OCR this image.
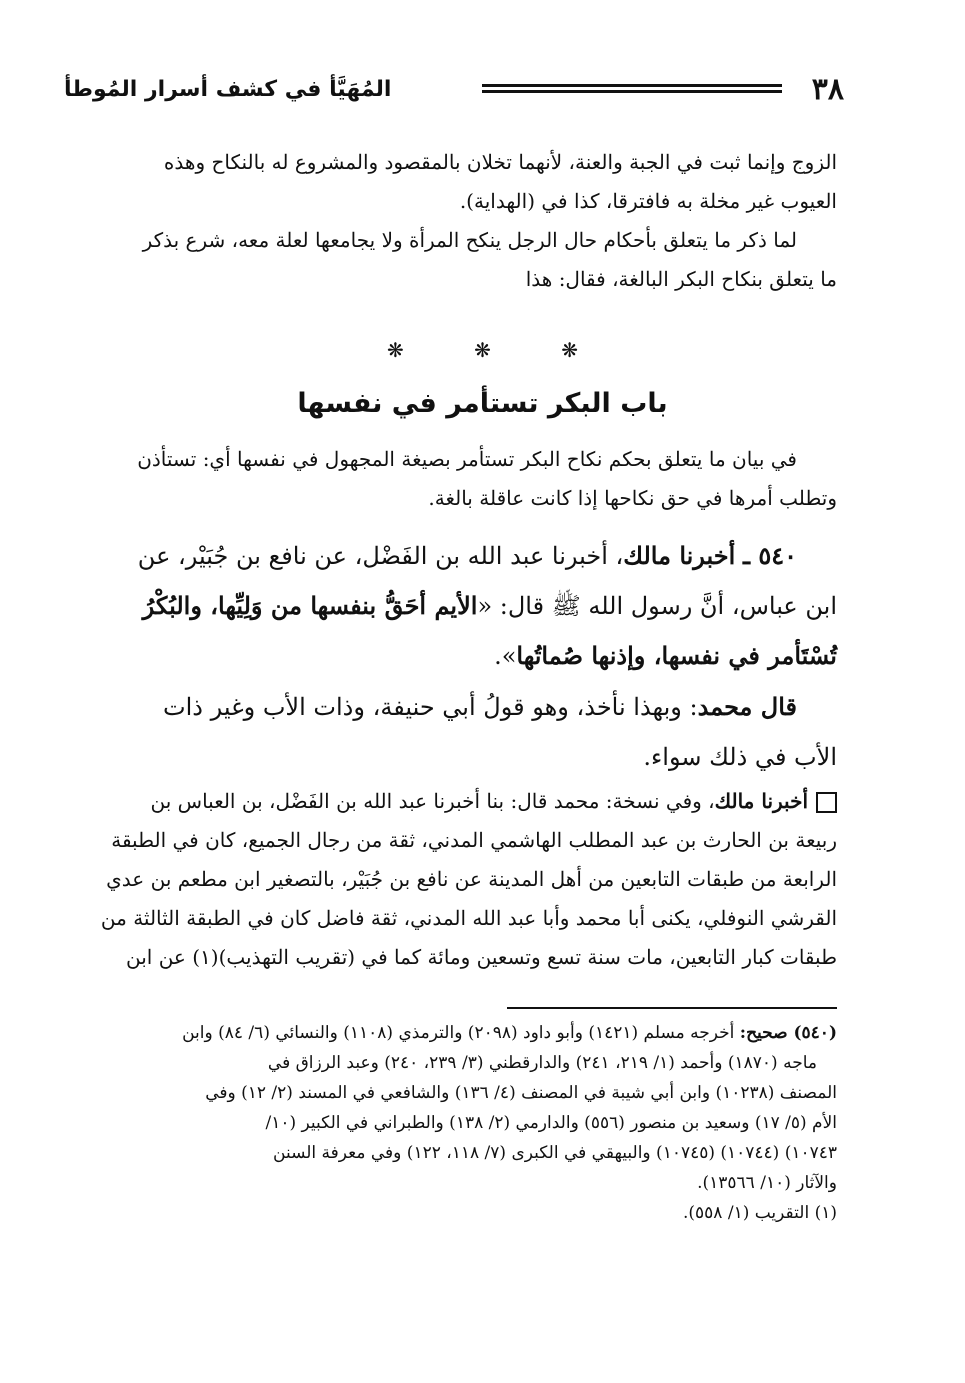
٣٨
المُهَيَّأ في كشف أسرار المُوطأ

الزوج وإنما ثبت في الجبة والعنة، لأنهما تخلان بالمقصود والمشروع له بالنكاح وهذه

العيوب غير مخلة به فافترقا، كذا في (الهداية).

لما ذكر ما يتعلق بأحكام حال الرجل ينكح المرأة ولا يجامعها لعلة معه، شرع بذكر

ما يتعلق بنكاح البكر البالغة، فقال: هذا

❋ ❋ ❋
باب البكر تستأمر في نفسها

في بيان ما يتعلق بحكم نكاح البكر تستأمر بصيغة المجهول في نفسها أي: تستأذن

وتطلب أمرها في حق نكاحها إذا كانت عاقلة بالغة.

٥٤٠ ـ أخبرنا مالك، أخبرنا عبد الله بن الفَضْل، عن نافع بن جُبَيْر، عن

ابن عباس، أنَّ رسول الله ﷺ قال: «الأيم أحَقُّ بنفسها من وَلِيِّها، والبُكْرُ

تُسْتَأمر في نفسها، وإذنها صُماتُها».

قال محمد: وبهذا نأخذ، وهو قولُ أبي حنيفة، وذات الأب وغير ذات

الأب في ذلك سواء.

أخبرنا مالك، وفي نسخة: محمد قال: بنا أخبرنا عبد الله بن الفَضْل، بن العباس بن

ربيعة بن الحارث بن عبد المطلب الهاشمي المدني، ثقة من رجال الجميع، كان في الطبقة

الرابعة من طبقات التابعين من أهل المدينة عن نافع بن جُبَيْر، بالتصغير ابن مطعم بن عدي

القرشي النوفلي، يكنى أبا محمد وأبا عبد الله المدني، ثقة فاضل كان في الطبقة الثالثة من

طبقات كبار التابعين، مات سنة تسع وتسعين ومائة كما في (تقريب التهذيب)(١) عن ابن

(٥٤٠) صحيح: أخرجه مسلم (١٤٢١) وأبو داود (٢٠٩٨) والترمذي (١١٠٨) والنسائي (٦/ ٨٤) وابن

ماجه (١٨٧٠) وأحمد (١/ ٢١٩، ٢٤١) والدارقطني (٣/ ٢٣٩، ٢٤٠) وعبد الرزاق في

المصنف (١٠٢٣٨) وابن أبي شيبة في المصنف (٤/ ١٣٦) والشافعي في المسند (٢/ ١٢) وفي

الأم (٥/ ١٧) وسعيد بن منصور (٥٥٦) والدارمي (٢/ ١٣٨) والطبراني في الكبير (١٠/

١٠٧٤٣) (١٠٧٤٤) (١٠٧٤٥) والبيهقي في الكبرى (٧/ ١١٨، ١٢٢) وفي معرفة السنن

والآثار (١٠/ ١٣٥٦٦).

(١) التقريب (١/ ٥٥٨).
